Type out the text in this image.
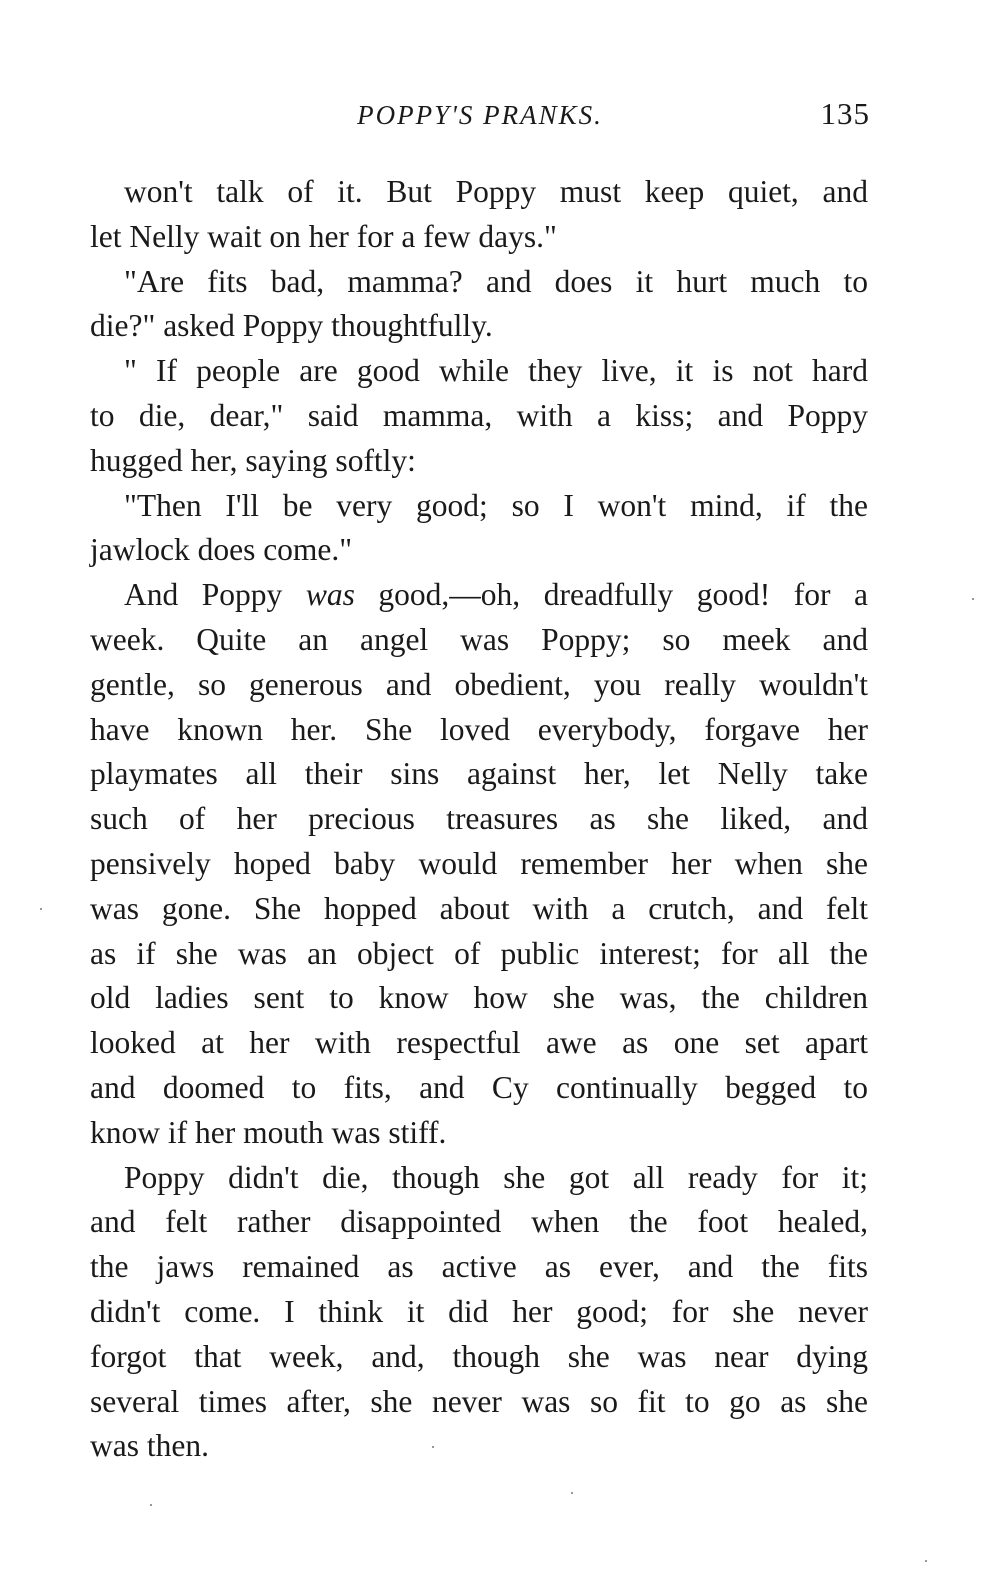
POPPY'S PRANKS.	135

won't talk of it. But Poppy must keep quiet, and
let Nelly wait on her for a few days."

"Are fits bad, mamma? and does it hurt much to
die?" asked Poppy thoughtfully.

" If people are good while they live, it is not hard
to die, dear," said mamma, with a kiss; and Poppy
hugged her, saying softly:

"Then I'll be very good; so I won't mind, if the
jawlock does come."

And Poppy was good,—oh, dreadfully good! for a
week. Quite an angel was Poppy; so meek and
gentle, so generous and obedient, you really wouldn't
have known her. She loved everybody, forgave her
playmates all their sins against her, let Nelly take
such of her precious treasures as she liked, and
pensively hoped baby would remember her when she
was gone. She hopped about with a crutch, and felt
as if she was an object of public interest; for all the
old ladies sent to know how she was, the children
looked at her with respectful awe as one set apart
and doomed to fits, and Cy continually begged to
know if her mouth was stiff.

Poppy didn't die, though she got all ready for it;
and felt rather disappointed when the foot healed,
the jaws remained as active as ever, and the fits
didn't come. I think it did her good; for she never
forgot that week, and, though she was near dying
several times after, she never was so fit to go as she
was then.
